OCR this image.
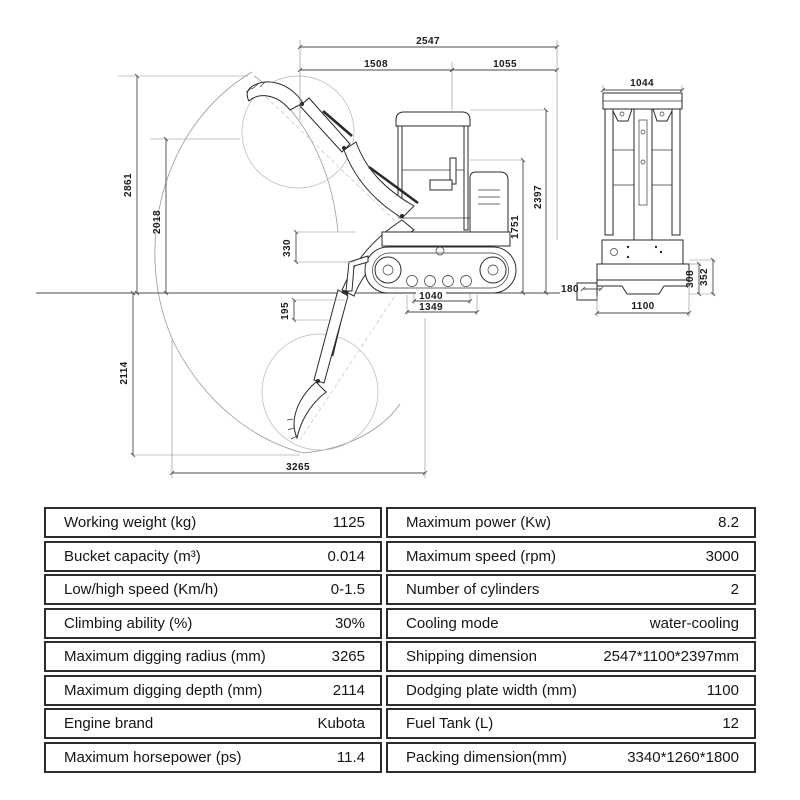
2547
1508	1055
2861
2018
330
195
1751
2397
1040
1349
2114
3265
1044
308 352
180
1100
Working weight (kg)	1125
Bucket capacity (m³)	0.014
Low/high speed (Km/h)	0-1.5
Climbing ability (%)	30%
Maximum digging radius (mm)	3265
Maximum digging depth (mm)	2114
Engine brand	Kubota
Maximum horsepower (ps)	11.4
Maximum power (Kw)	8.2
Maximum speed (rpm)	3000
Number of cylinders	2
Cooling mode	water-cooling
Shipping dimension	2547*1100*2397mm
Dodging plate width (mm)	1100
Fuel Tank (L)	12
Packing dimension(mm)	3340*1260*1800
